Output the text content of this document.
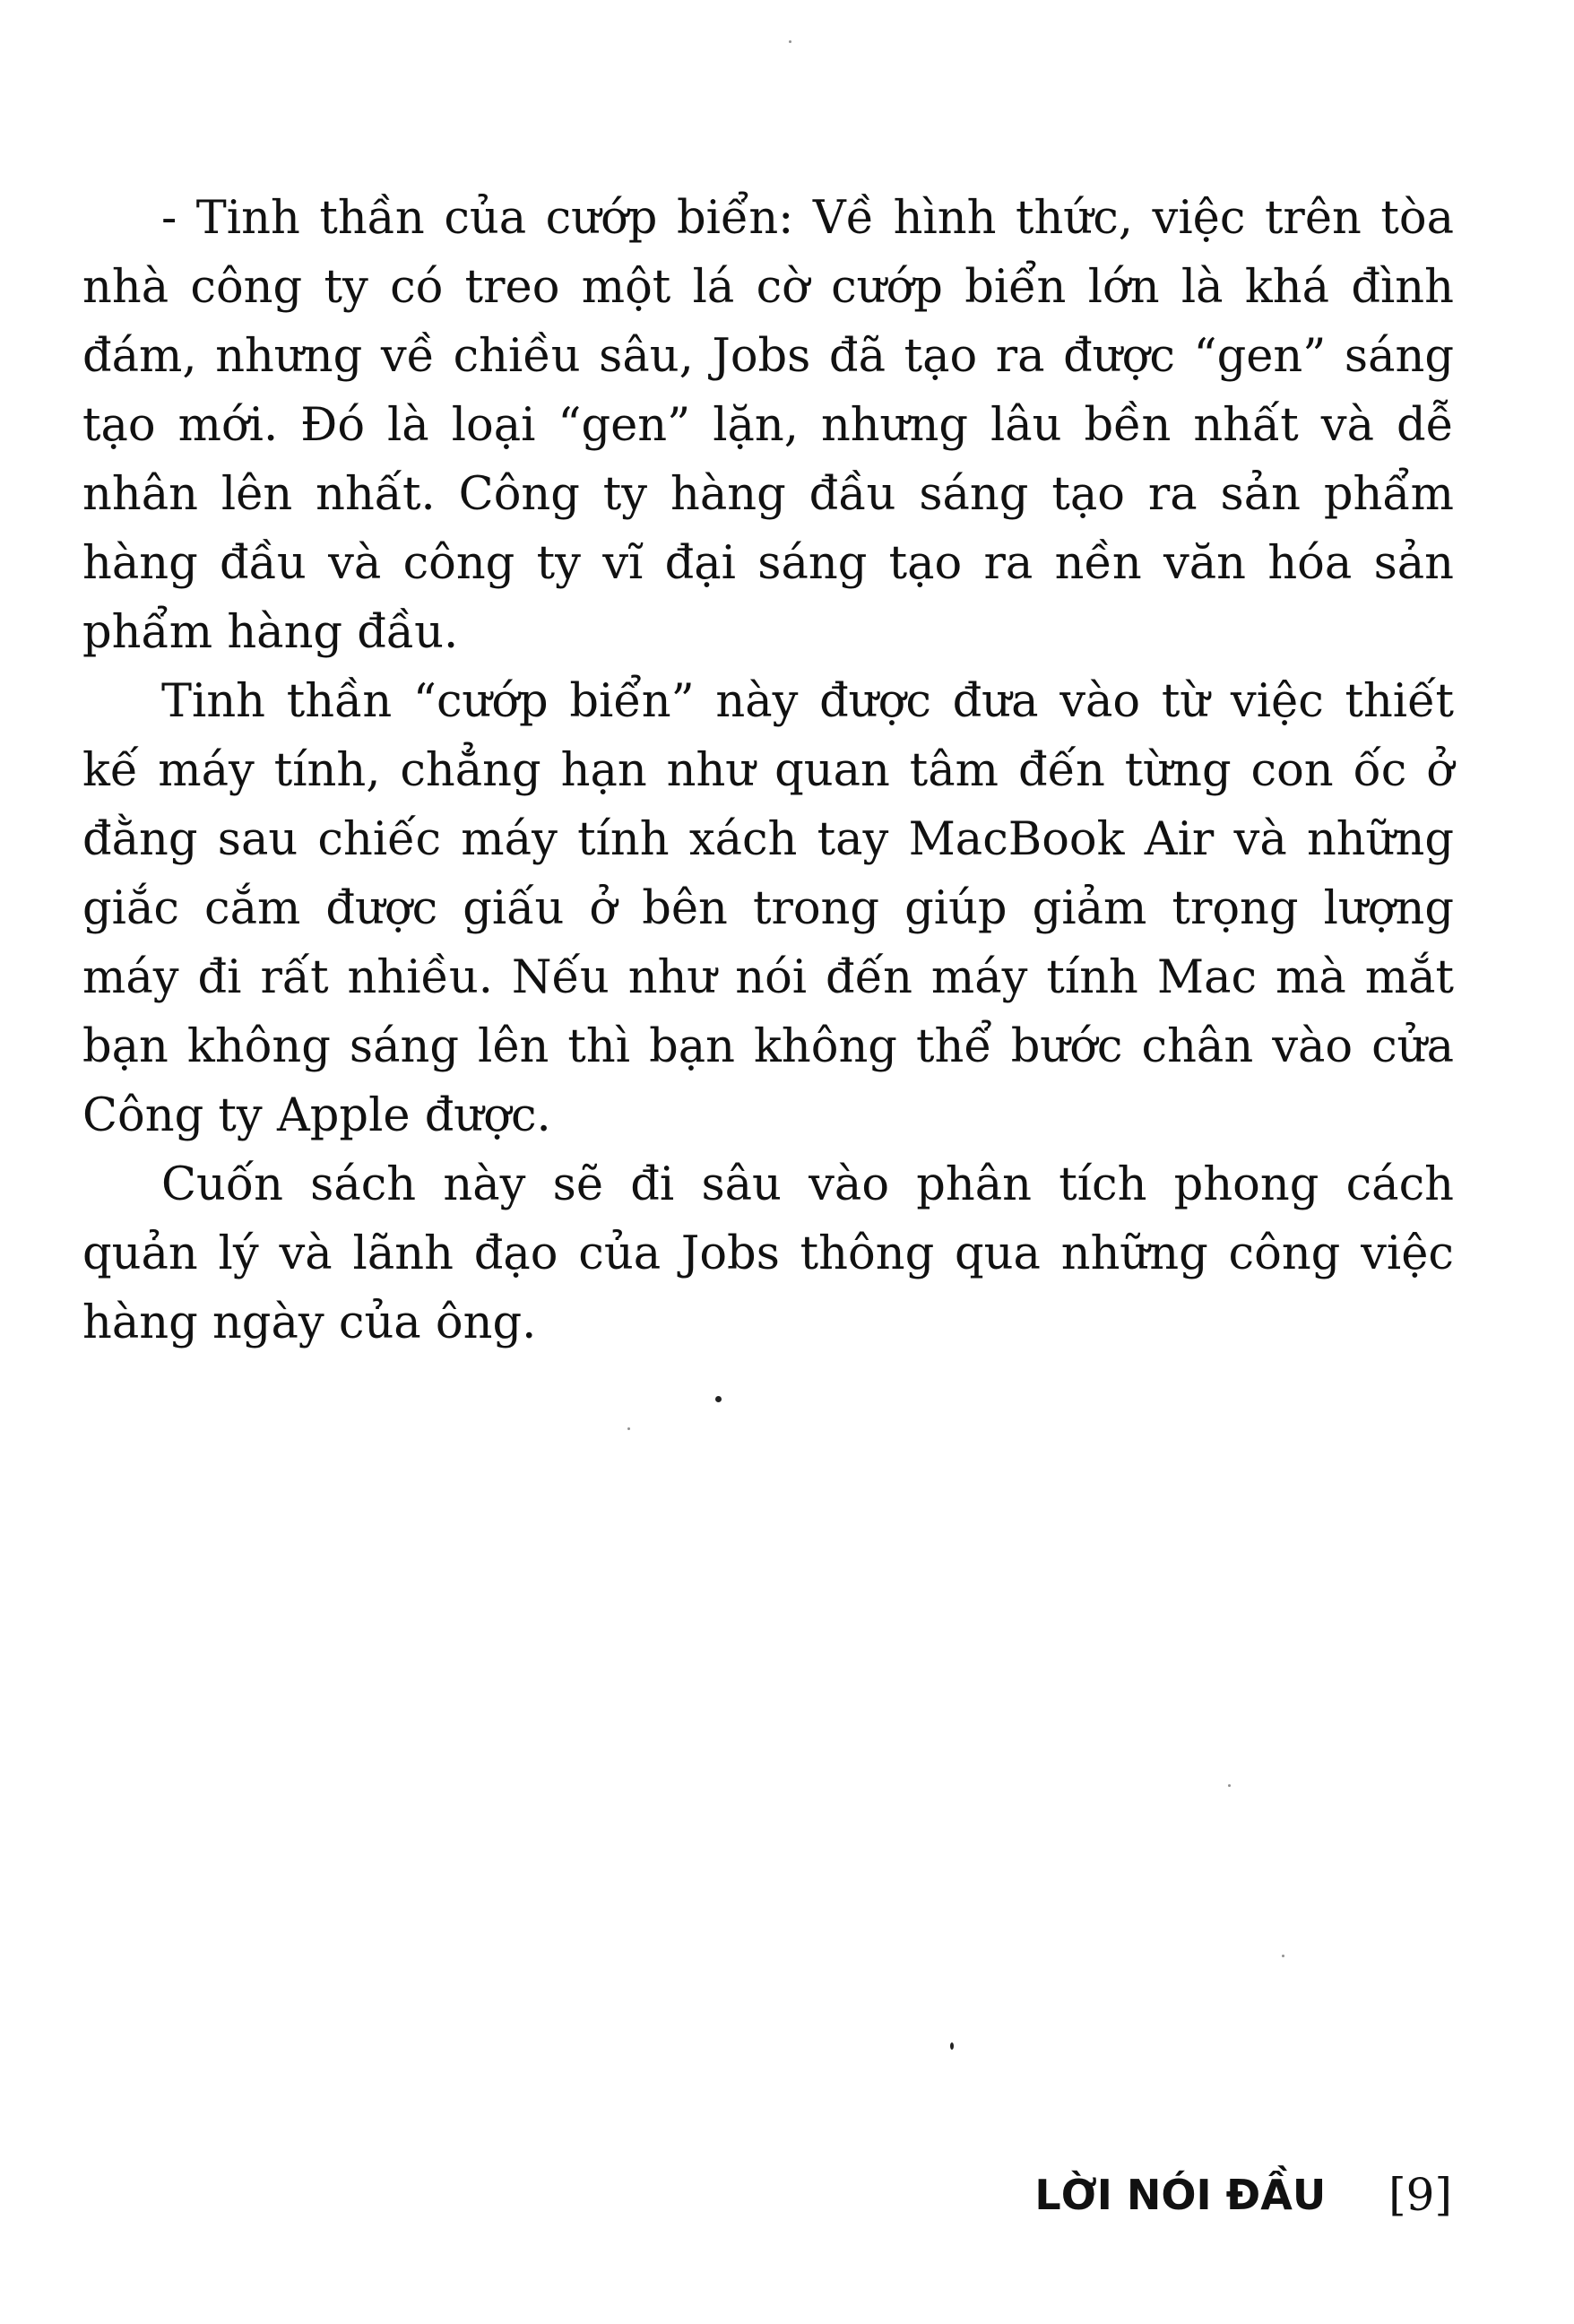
- Tinh thần của cướp biển: Về hình thức, việc trên tòa nhà công ty có treo một lá cờ cướp biển lớn là khá đình đám, nhưng về chiều sâu, Jobs đã tạo ra được “gen” sáng tạo mới. Đó là loại “gen” lặn, nhưng lâu bền nhất và dễ nhân lên nhất. Công ty hàng đầu sáng tạo ra sản phẩm hàng đầu và công ty vĩ đại sáng tạo ra nền văn hóa sản phẩm hàng đầu.

Tinh thần “cướp biển” này được đưa vào từ việc thiết kế máy tính, chẳng hạn như quan tâm đến từng con ốc ở đằng sau chiếc máy tính xách tay MacBook Air và những giắc cắm được giấu ở bên trong giúp giảm trọng lượng máy đi rất nhiều. Nếu như nói đến máy tính Mac mà mắt bạn không sáng lên thì bạn không thể bước chân vào cửa Công ty Apple được.

Cuốn sách này sẽ đi sâu vào phân tích phong cách quản lý và lãnh đạo của Jobs thông qua những công việc hàng ngày của ông.

LỜI NÓI ĐẦU [9]
